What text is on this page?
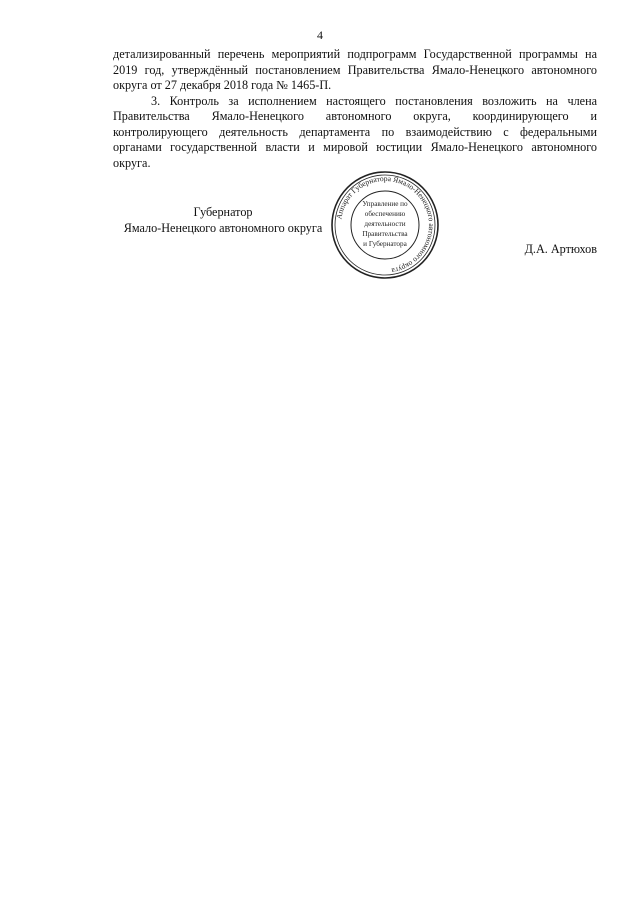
4

детализированный перечень мероприятий подпрограмм Государственной программы на 2019 год, утверждённый постановлением Правительства Ямало-Ненецкого автономного округа от 27 декабря 2018 года № 1465-П.

3. Контроль за исполнением настоящего постановления возложить на члена Правительства Ямало-Ненецкого автономного округа, координирующего и контролирующего деятельность департамента по взаимодействию с федеральными органами государственной власти и мировой юстиции Ямало-Ненецкого автономного округа.

Губернатор
Ямало-Ненецкого автономного округа
Д.А. Артюхов
Аппарат Губернатора Ямало-Ненецкого автономного округа
Управление по
обеспечению
деятельности
Правительства
и Губернатора
